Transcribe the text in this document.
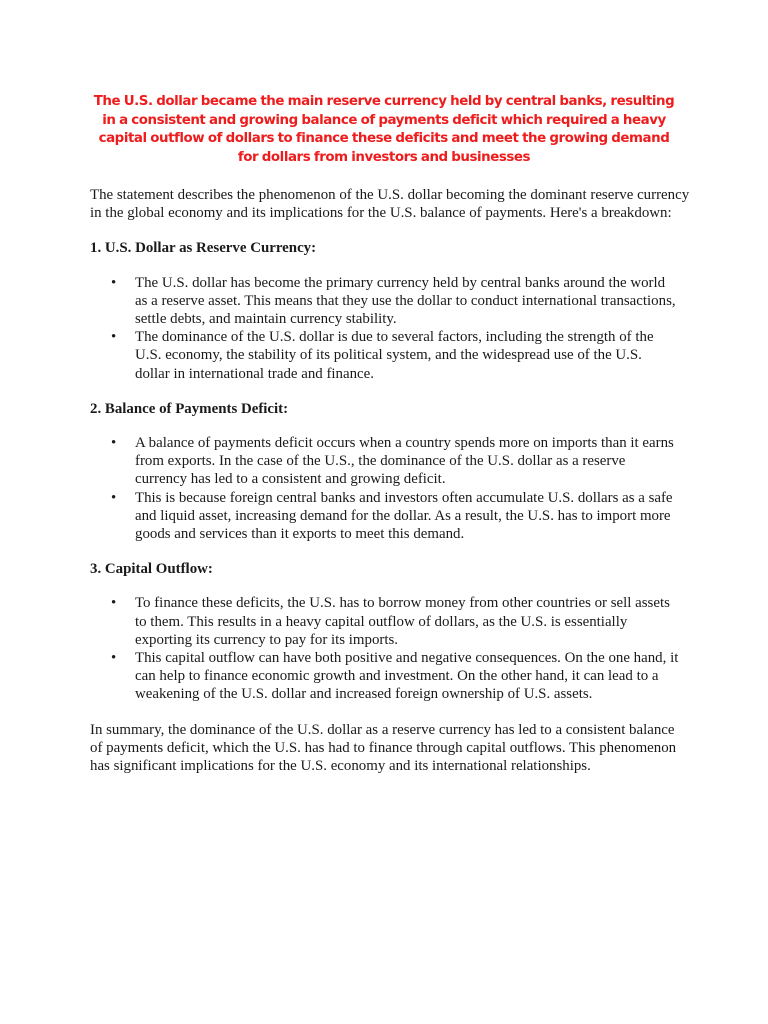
The U.S. dollar became the main reserve currency held by central banks, resulting in a consistent and growing balance of payments deficit which required a heavy capital outflow of dollars to finance these deficits and meet the growing demand for dollars from investors and businesses

The statement describes the phenomenon of the U.S. dollar becoming the dominant reserve currency in the global economy and its implications for the U.S. balance of payments. Here's a breakdown:

1. U.S. Dollar as Reserve Currency:

• The U.S. dollar has become the primary currency held by central banks around the world as a reserve asset. This means that they use the dollar to conduct international transactions, settle debts, and maintain currency stability.
• The dominance of the U.S. dollar is due to several factors, including the strength of the U.S. economy, the stability of its political system, and the widespread use of the U.S. dollar in international trade and finance.

2. Balance of Payments Deficit:

• A balance of payments deficit occurs when a country spends more on imports than it earns from exports. In the case of the U.S., the dominance of the U.S. dollar as a reserve currency has led to a consistent and growing deficit.
• This is because foreign central banks and investors often accumulate U.S. dollars as a safe and liquid asset, increasing demand for the dollar. As a result, the U.S. has to import more goods and services than it exports to meet this demand.

3. Capital Outflow:

• To finance these deficits, the U.S. has to borrow money from other countries or sell assets to them. This results in a heavy capital outflow of dollars, as the U.S. is essentially exporting its currency to pay for its imports.
• This capital outflow can have both positive and negative consequences. On the one hand, it can help to finance economic growth and investment. On the other hand, it can lead to a weakening of the U.S. dollar and increased foreign ownership of U.S. assets.

In summary, the dominance of the U.S. dollar as a reserve currency has led to a consistent balance of payments deficit, which the U.S. has had to finance through capital outflows. This phenomenon has significant implications for the U.S. economy and its international relationships.
